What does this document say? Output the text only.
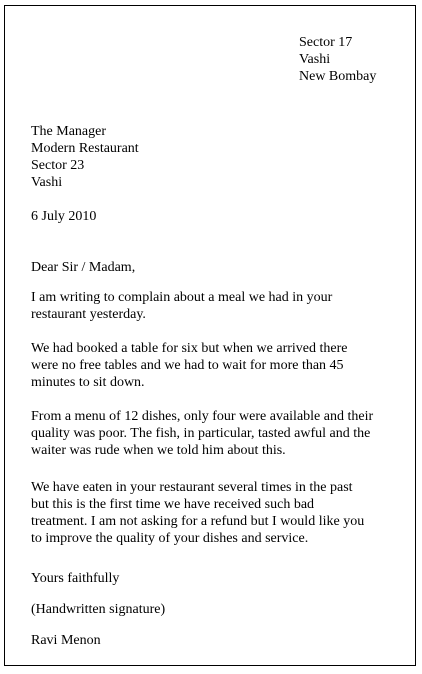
Sector 17
Vashi
New Bombay
The Manager
Modern Restaurant
Sector 23
Vashi
6 July 2010
Dear Sir / Madam,
I am writing to complain about a meal we had in your
restaurant yesterday.
We had booked a table for six but when we arrived there
were no free tables and we had to wait for more than 45
minutes to sit down.
From a menu of 12 dishes, only four were available and their
quality was poor. The fish, in particular, tasted awful and the
waiter was rude when we told him about this.
We have eaten in your restaurant several times in the past
but this is the first time we have received such bad
treatment. I am not asking for a refund but I would like you
to improve the quality of your dishes and service.
Yours faithfully
(Handwritten signature)
Ravi Menon
